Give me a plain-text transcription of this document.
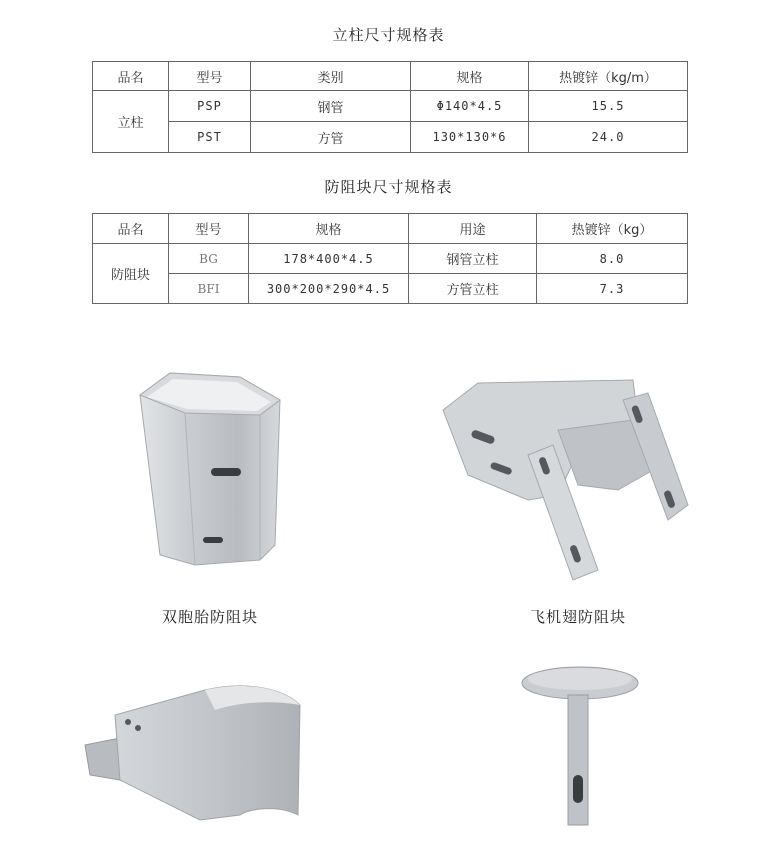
立柱尺寸规格表
品名	型号	类别	规格	热镀锌（kg/m）
立柱	PSP	钢管	Φ140*4.5	15.5
	PST	方管	130*130*6	24.0
防阻块尺寸规格表
品名	型号	规格	用途	热镀锌（kg）
防阻块	BG	178*400*4.5	钢管立柱	8.0
	BFⅠ	300*200*290*4.5	方管立柱	7.3
双胞胎防阻块	飞机翅防阻块
